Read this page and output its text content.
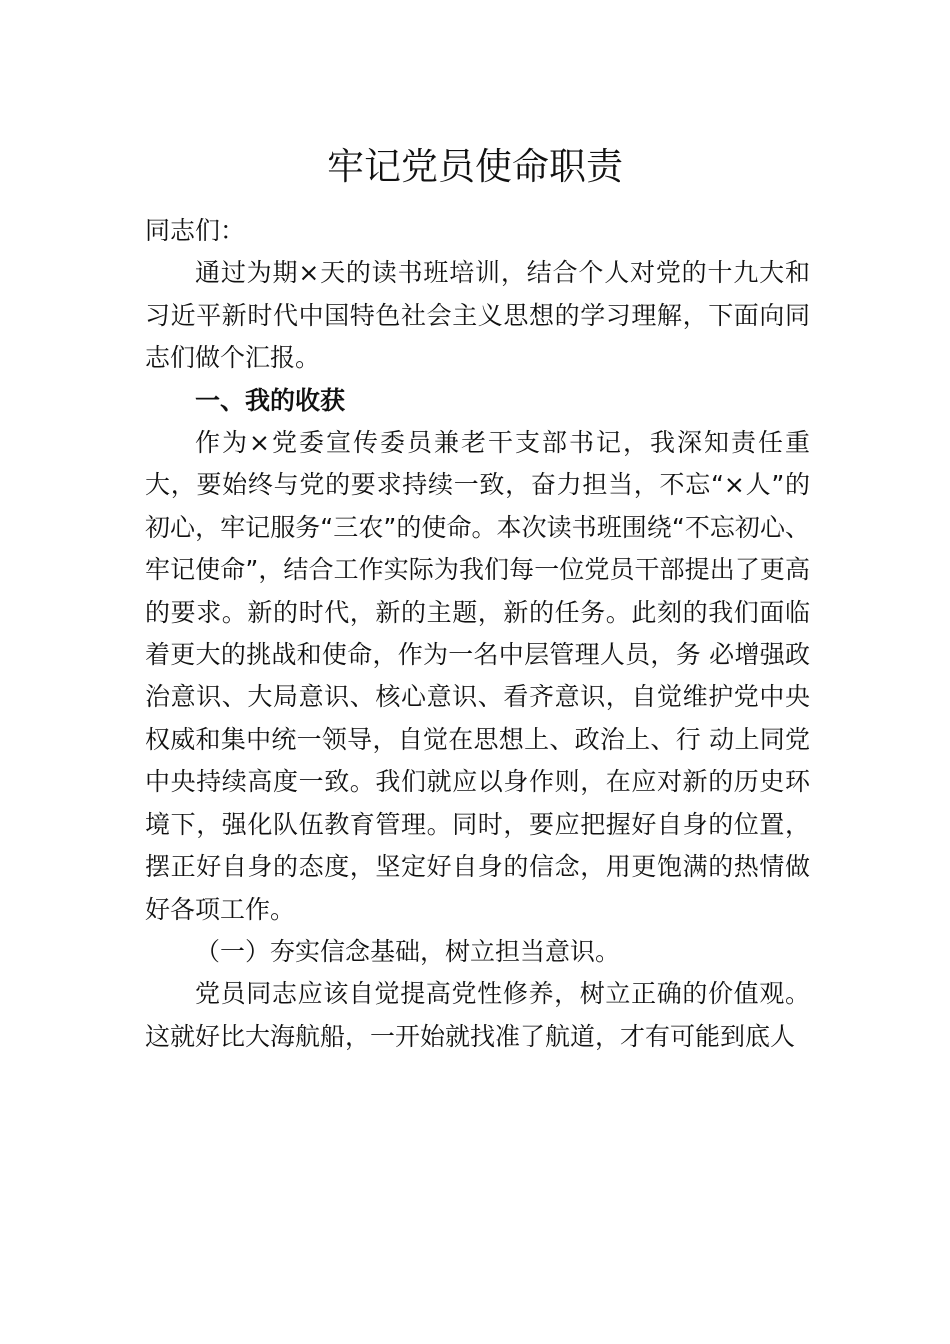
牢记党员使命职责

同志们：

通过为期×天的读书班培训，结合个人对党的十九大和习近平新时代中国特色社会主义思想的学习理解，下面向同志们做个汇报。

一、我的收获

作为×党委宣传委员兼老干支部书记，我深知责任重大，要始终与党的要求持续一致，奋力担当，不忘“×人”的初心，牢记服务“三农”的使命。本次读书班围绕“不忘初心、牢记使命”，结合工作实际为我们每一位党员干部提出了更高的要求。新的时代，新的主题，新的任务。此刻的我们面临着更大的挑战和使命，作为一名中层管理人员，务 必增强政治意识、大局意识、核心意识、看齐意识，自觉维护党中央权威和集中统一领导，自觉在思想上、政治上、行 动上同党中央持续高度一致。我们就应以身作则，在应对新的历史环境下，强化队伍教育管理。同时，要应把握好自身的位置，摆正好自身的态度，坚定好自身的信念，用更饱满的热情做好各项工作。

（一）夯实信念基础，树立担当意识。

党员同志应该自觉提高党性修养，树立正确的价值观。这就好比大海航船，一开始就找准了航道，才有可能到底人
